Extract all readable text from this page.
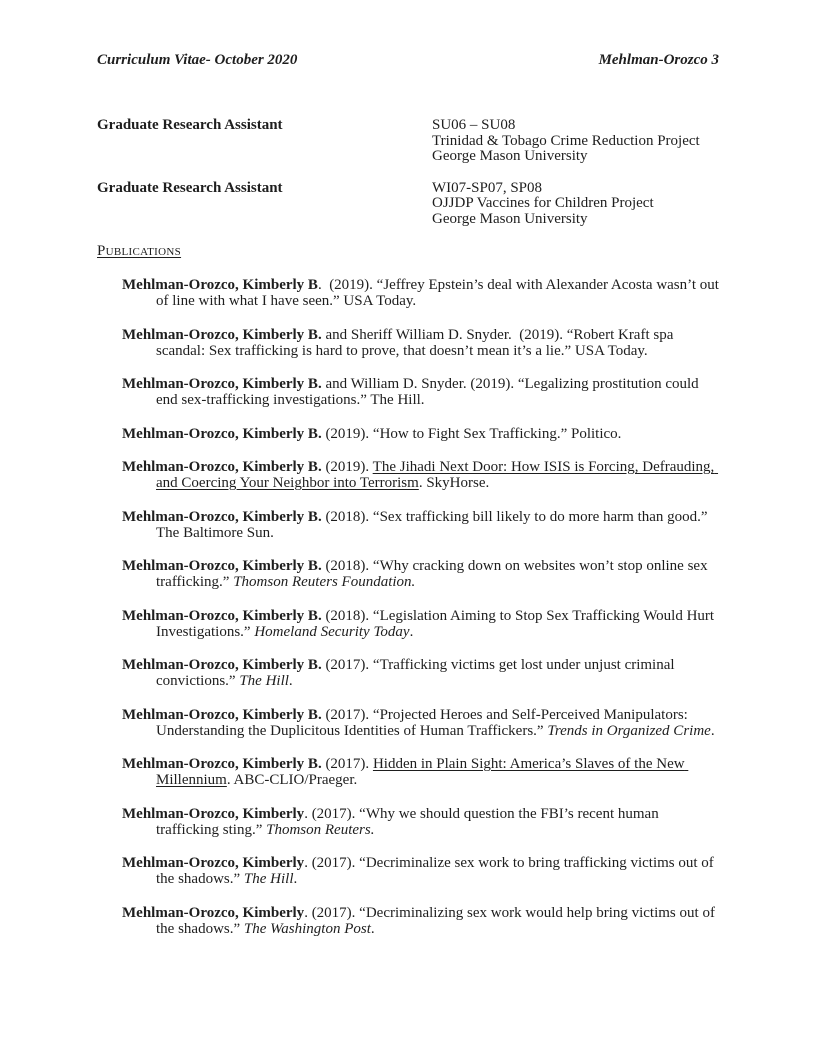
Curriculum Vitae- October 2020	Mehlman-Orozco 3
Graduate Research Assistant	SU06 – SU08
Trinidad & Tobago Crime Reduction Project
George Mason University
Graduate Research Assistant	WI07-SP07, SP08
OJJDP Vaccines for Children Project
George Mason University
Publications

Mehlman-Orozco, Kimberly B.  (2019). “Jeffrey Epstein’s deal with Alexander Acosta wasn’t out of line with what I have seen.” USA Today.

Mehlman-Orozco, Kimberly B. and Sheriff William D. Snyder.  (2019). “Robert Kraft spa scandal: Sex trafficking is hard to prove, that doesn’t mean it’s a lie.” USA Today.

Mehlman-Orozco, Kimberly B. and William D. Snyder. (2019). “Legalizing prostitution could end sex-trafficking investigations.” The Hill.

Mehlman-Orozco, Kimberly B. (2019). “How to Fight Sex Trafficking.” Politico.

Mehlman-Orozco, Kimberly B. (2019). The Jihadi Next Door: How ISIS is Forcing, Defrauding, and Coercing Your Neighbor into Terrorism. SkyHorse.

Mehlman-Orozco, Kimberly B. (2018). “Sex trafficking bill likely to do more harm than good.” The Baltimore Sun.

Mehlman-Orozco, Kimberly B. (2018). “Why cracking down on websites won’t stop online sex trafficking.” Thomson Reuters Foundation.

Mehlman-Orozco, Kimberly B. (2018). “Legislation Aiming to Stop Sex Trafficking Would Hurt Investigations.” Homeland Security Today.

Mehlman-Orozco, Kimberly B. (2017). “Trafficking victims get lost under unjust criminal convictions.” The Hill.

Mehlman-Orozco, Kimberly B. (2017). “Projected Heroes and Self-Perceived Manipulators: Understanding the Duplicitous Identities of Human Traffickers.” Trends in Organized Crime.

Mehlman-Orozco, Kimberly B. (2017). Hidden in Plain Sight: America’s Slaves of the New Millennium. ABC-CLIO/Praeger.

Mehlman-Orozco, Kimberly. (2017). “Why we should question the FBI’s recent human trafficking sting.” Thomson Reuters.

Mehlman-Orozco, Kimberly. (2017). “Decriminalize sex work to bring trafficking victims out of the shadows.” The Hill.

Mehlman-Orozco, Kimberly. (2017). “Decriminalizing sex work would help bring victims out of the shadows.” The Washington Post.
